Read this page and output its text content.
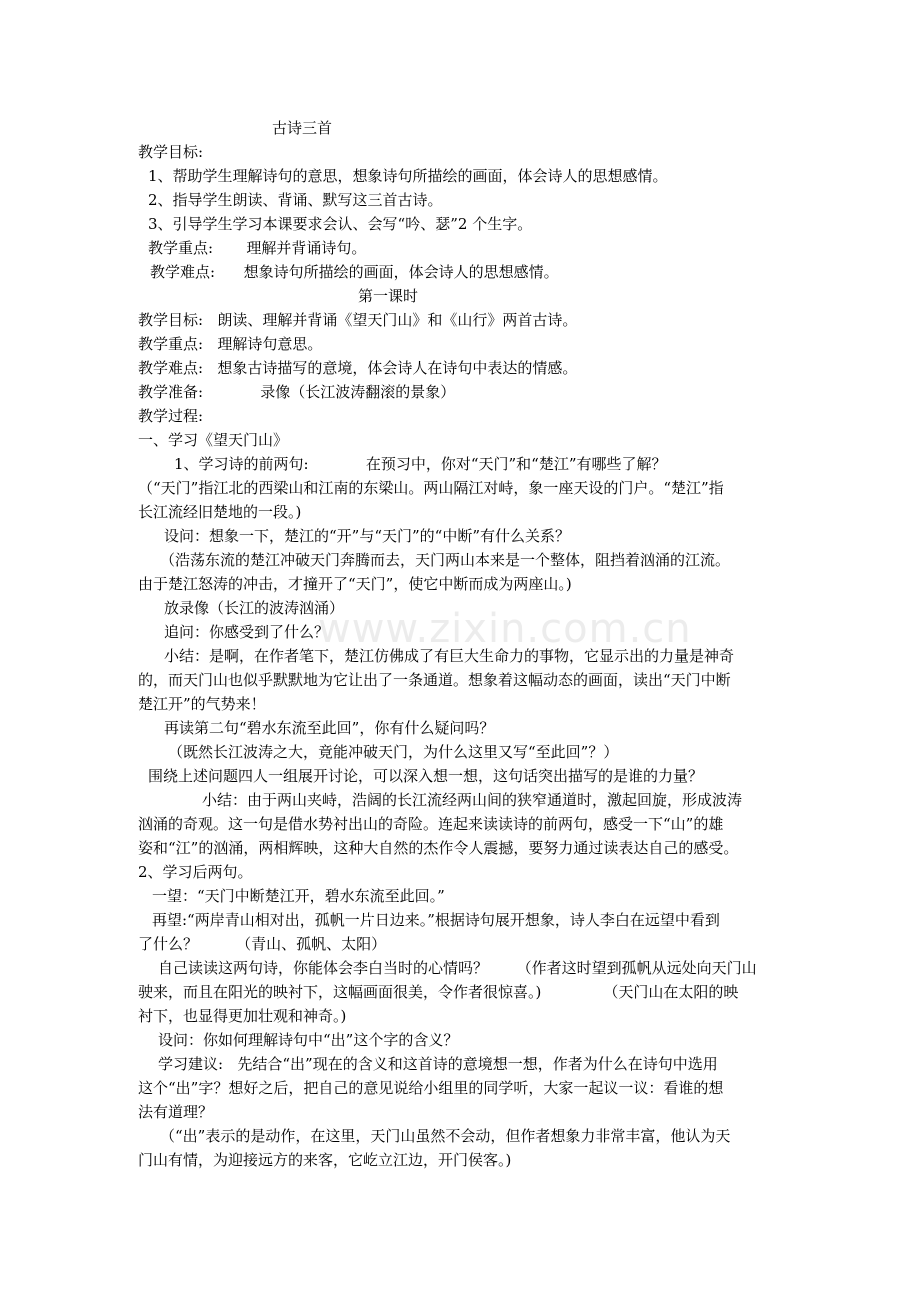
www.zixin.com.cn
古诗三首
教学目标:
1、帮助学生理解诗句的意思，想象诗句所描绘的画面，体会诗人的思想感情。
2、指导学生朗读、背诵、默写这三首古诗。
3、引导学生学习本课要求会认、会写“吟、瑟”2 个生字。
教学重点:       理解并背诵诗句。
教学难点:      想象诗句所描绘的画面，体会诗人的思想感情。
第一课时
教学目标:   朗读、理解并背诵《望天门山》和《山行》两首古诗。
教学重点:   理解诗句意思。
教学难点:   想象古诗描写的意境，体会诗人在诗句中表达的情感。
教学准备:            录像（长江波涛翻滚的景象）
教学过程:
一、学习《望天门山》
1、学习诗的前两句:            在预习中，你对“天门”和“楚江”有哪些了解？
（“天门”指江北的西梁山和江南的东梁山。两山隔江对峙，象一座天设的门户。“楚江”指
长江流经旧楚地的一段。)
设问：想象一下，楚江的“开”与“天门”的“中断”有什么关系？
（浩荡东流的楚江冲破天门奔腾而去，天门两山本来是一个整体，阻挡着汹涌的江流。
由于楚江怒涛的冲击，才撞开了“天门”，使它中断而成为两座山。)
放录像（长江的波涛汹涌）
追问：你感受到了什么？
小结：是啊，在作者笔下，楚江仿佛成了有巨大生命力的事物，它显示出的力量是神奇
的，而天门山也似乎默默地为它让出了一条通道。想象着这幅动态的画面，读出“天门中断
楚江开”的气势来！
再读第二句“碧水东流至此回”，你有什么疑问吗？
（既然长江波涛之大，竟能冲破天门，为什么这里又写“至此回”？）
围绕上述问题四人一组展开讨论，可以深入想一想，这句话突出描写的是谁的力量？
小结：由于两山夹峙，浩阔的长江流经两山间的狭窄通道时，激起回旋，形成波涛
汹涌的奇观。这一句是借水势衬出山的奇险。连起来读读诗的前两句，感受一下“山”的雄
姿和“江”的汹涌，两相辉映，这种大自然的杰作令人震撼，要努力通过读表达自己的感受。
2、学习后两句。
一望：“天门中断楚江开，碧水东流至此回。”
再望:“两岸青山相对出，孤帆一片日边来。”根据诗句展开想象，诗人李白在远望中看到
了什么？        （青山、孤帆、太阳）
自己读读这两句诗，你能体会李白当时的心情吗？      （作者这时望到孤帆从远处向天门山
驶来，而且在阳光的映衬下，这幅画面很美，令作者很惊喜。)             （天门山在太阳的映
衬下，也显得更加壮观和神奇。)
设问：你如何理解诗句中“出”这个字的含义？
学习建议:   先结合“出”现在的含义和这首诗的意境想一想，作者为什么在诗句中选用
这个“出”字？想好之后，把自己的意见说给小组里的同学听，大家一起议一议：看谁的想
法有道理？
（“出”表示的是动作，在这里，天门山虽然不会动，但作者想象力非常丰富，他认为天
门山有情，为迎接远方的来客，它屹立江边，开门侯客。)
